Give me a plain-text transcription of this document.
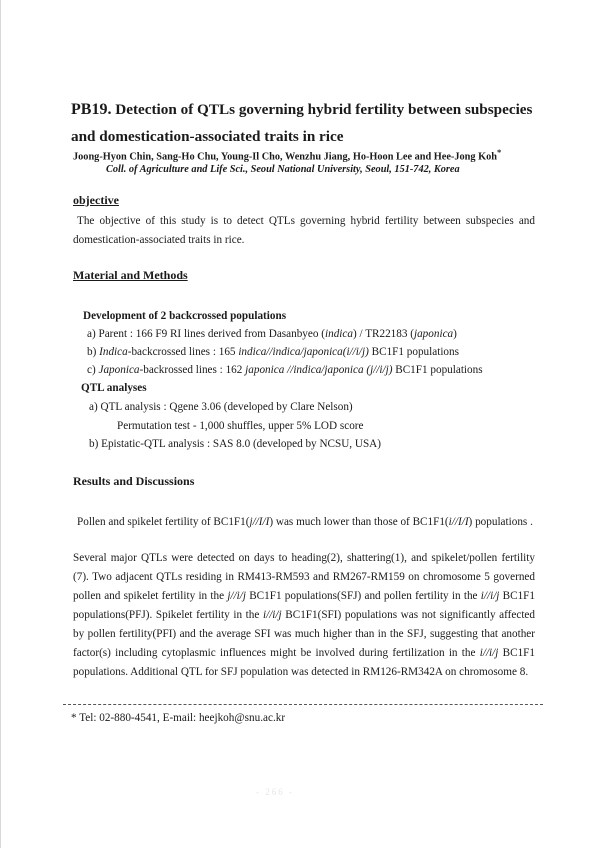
PB19. Detection of QTLs governing hybrid fertility between subspecies and domestication-associated traits in rice
Joong-Hyon Chin, Sang-Ho Chu, Young-Il Cho, Wenzhu Jiang, Ho-Hoon Lee and Hee-Jong Koh*
Coll. of Agriculture and Life Sci., Seoul National University, Seoul, 151-742, Korea
objective
The objective of this study is to detect QTLs governing hybrid fertility between subspecies and domestication-associated traits in rice.
Material and Methods
Development of 2 backcrossed populations
a) Parent : 166 F9 RI lines derived from Dasanbyeo (indica) / TR22183 (japonica)
b) Indica-backcrossed lines : 165 indica//indica/japonica(i//i/j) BC1F1 populations
c) Japonica-backrossed lines : 162 japonica //indica/japonica (j//i/j) BC1F1 populations
QTL analyses
a) QTL analysis : Qgene 3.06 (developed by Clare Nelson)
Permutation test - 1,000 shuffles, upper 5% LOD score
b) Epistatic-QTL analysis : SAS 8.0 (developed by NCSU, USA)
Results and Discussions
Pollen and spikelet fertility of BC1F1(j//I/I) was much lower than those of BC1F1(i//I/I) populations .
Several major QTLs were detected on days to heading(2), shattering(1), and spikelet/pollen fertility (7). Two adjacent QTLs residing in RM413-RM593 and RM267-RM159 on chromosome 5 governed pollen and spikelet fertility in the j//i/j BC1F1 populations(SFJ) and pollen fertility in the i//i/j BC1F1 populations(PFJ). Spikelet fertility in the i//i/j BC1F1(SFI) populations was not significantly affected by pollen fertility(PFI) and the average SFI was much higher than in the SFJ, suggesting that another factor(s) including cytoplasmic influences might be involved during fertilization in the i//i/j BC1F1 populations. Additional QTL for SFJ population was detected in RM126-RM342A on chromosome 8.
* Tel: 02-880-4541, E-mail: heejkoh@snu.ac.kr
- 266 -
